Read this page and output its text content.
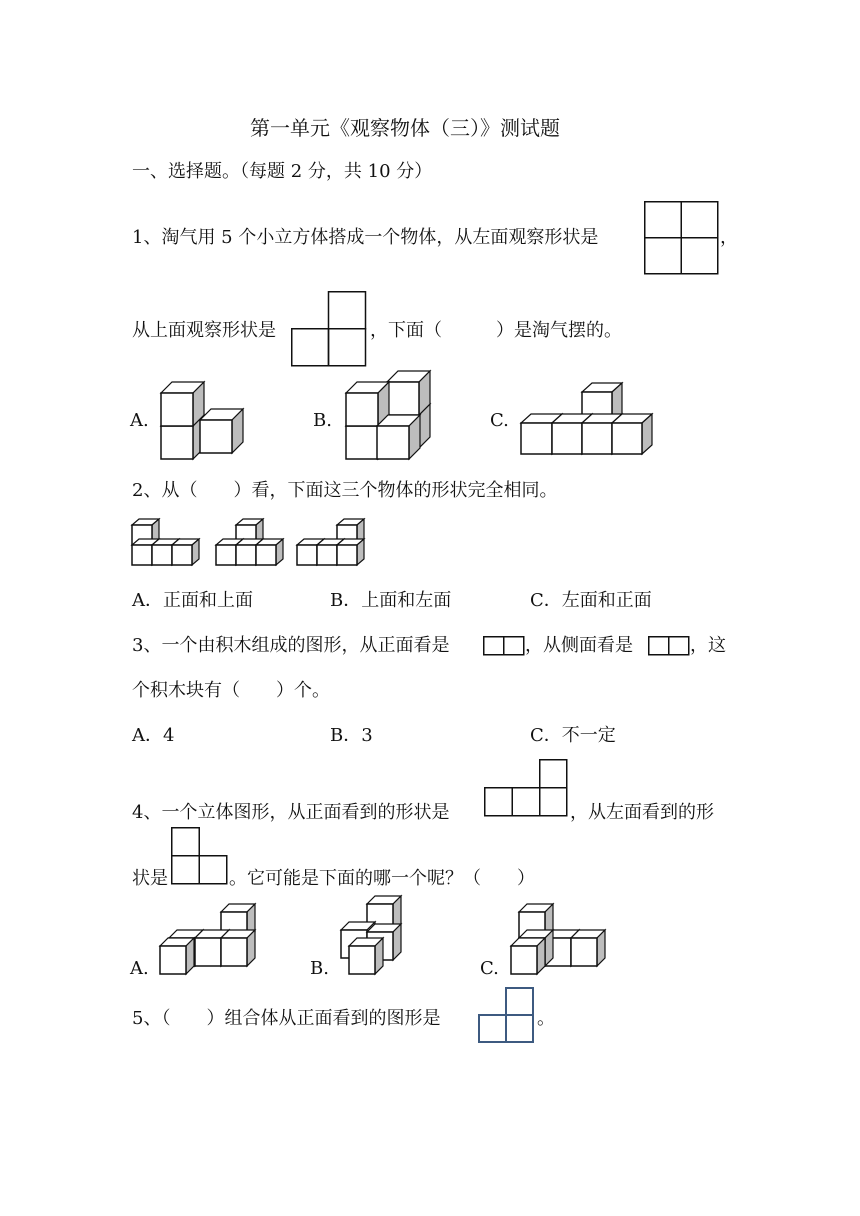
第一单元《观察物体（三）》测试题
一、选择题。（每题 2 分，共 10 分）
1、淘气用 5 个小立方体搭成一个物体，从左面观察形状是	，
从上面观察形状是	，下面（　　　）是淘气摆的。
A.	B.	C.
2、从（　　）看，下面这三个物体的形状完全相同。
A．正面和上面	B．上面和左面	C．左面和正面
3、一个由积木组成的图形，从正面看是	，从侧面看是	，这
个积木块有（　　）个。
A．4	B．3	C．不一定
4、一个立体图形，从正面看到的形状是	，从左面看到的形
状是	。它可能是下面的哪一个呢？（　　）
A.	B.	C.
5、（　　）组合体从正面看到的图形是	。
